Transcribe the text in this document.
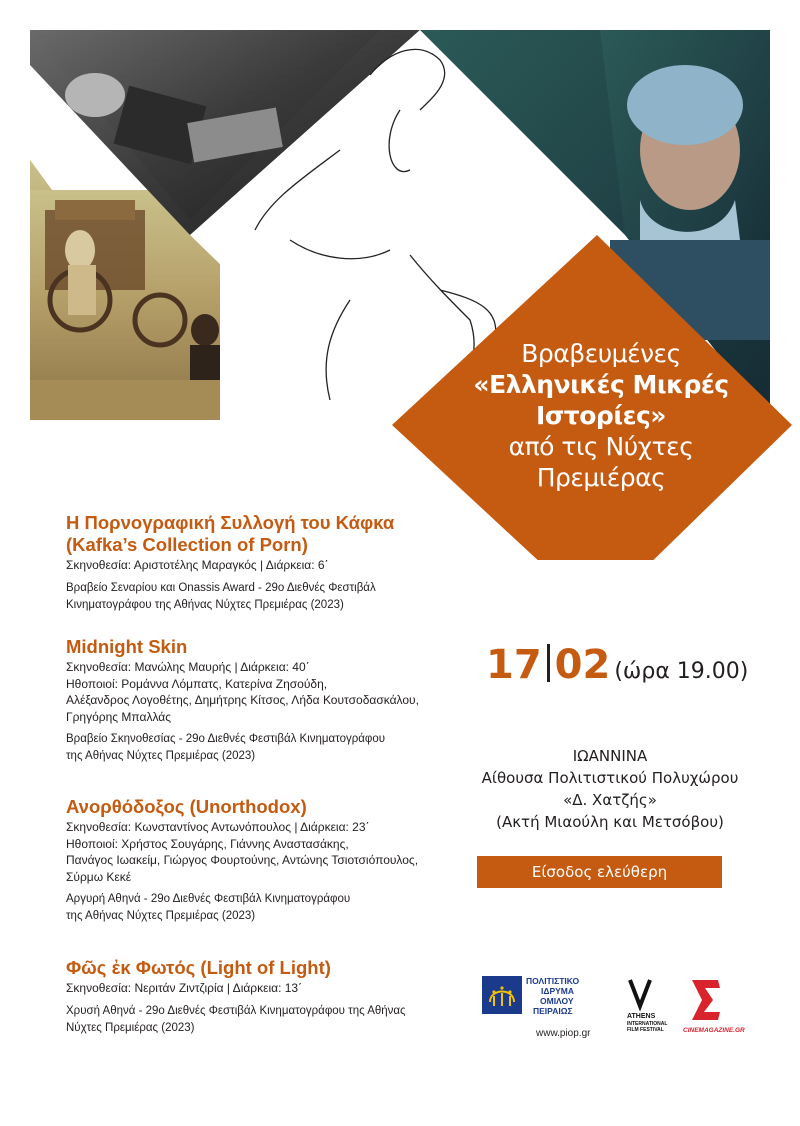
Βραβευμένες
«Ελληνικές Μικρές
Ιστορίες»
από τις Νύχτες
Πρεμιέρας

Η Πορνογραφική Συλλογή του Κάφκα

(Kafka’s Collection of Porn)

Σκηνοθεσία: Αριστοτέλης Μαραγκός | Διάρκεια: 6΄

Βραβείο Σεναρίου και Onassis Award - 29ο Διεθνές Φεστιβάλ
Κινηματογράφου της Αθήνας Νύχτες Πρεμιέρας (2023)

Midnight Skin

Σκηνοθεσία: Μανώλης Μαυρής | Διάρκεια: 40΄

Ηθοποιοί: Ρομάννα Λόμπατς, Κατερίνα Ζησούδη,

Αλέξανδρος Λογοθέτης, Δημήτρης Κίτσος, Λήδα Κουτσοδασκάλου,

Γρηγόρης Μπαλλάς

Βραβείο Σκηνοθεσίας - 29ο Διεθνές Φεστιβάλ Κινηματογράφου
της Αθήνας Νύχτες Πρεμιέρας (2023)

Ανορθόδοξος (Unorthodox)

Σκηνοθεσία: Κωνσταντίνος Αντωνόπουλος | Διάρκεια: 23΄

Ηθοποιοί: Χρήστος Σουγάρης, Γιάννης Αναστασάκης,

Πανάγος Ιωακείμ, Γιώργος Φουρτούνης, Αντώνης Τσιοτσιόπουλος,

Σύρμω Κεκέ

Αργυρή Αθηνά - 29ο Διεθνές Φεστιβάλ Κινηματογράφου
της Αθήνας Νύχτες Πρεμιέρας (2023)

Φῶς ἐκ Φωτός (Light of Light)

Σκηνοθεσία: Νεριτάν Ζιντζιρία | Διάρκεια: 13΄

Χρυσή Αθηνά - 29ο Διεθνές Φεστιβάλ Κινηματογράφου της Αθήνας
Νύχτες Πρεμιέρας (2023)
17 02 (ώρα 19.00)
ΙΩΑΝΝΙΝΑ
Αίθουσα Πολιτιστικού Πολυχώρου
«Δ. Χατζής»
(Ακτή Μιαούλη και Μετσόβου)
Είσοδος ελεύθερη
ΠΟΛΙΤΙΣΤΙΚΟ
ΙΔΡΥΜΑ
ΟΜΙΛΟΥ
ΠΕΙΡΑΙΩΣ
www.piop.gr
ATHENS
INTERNATIONAL
FILM FESTIVAL	CINEMAGAZINE.GR
